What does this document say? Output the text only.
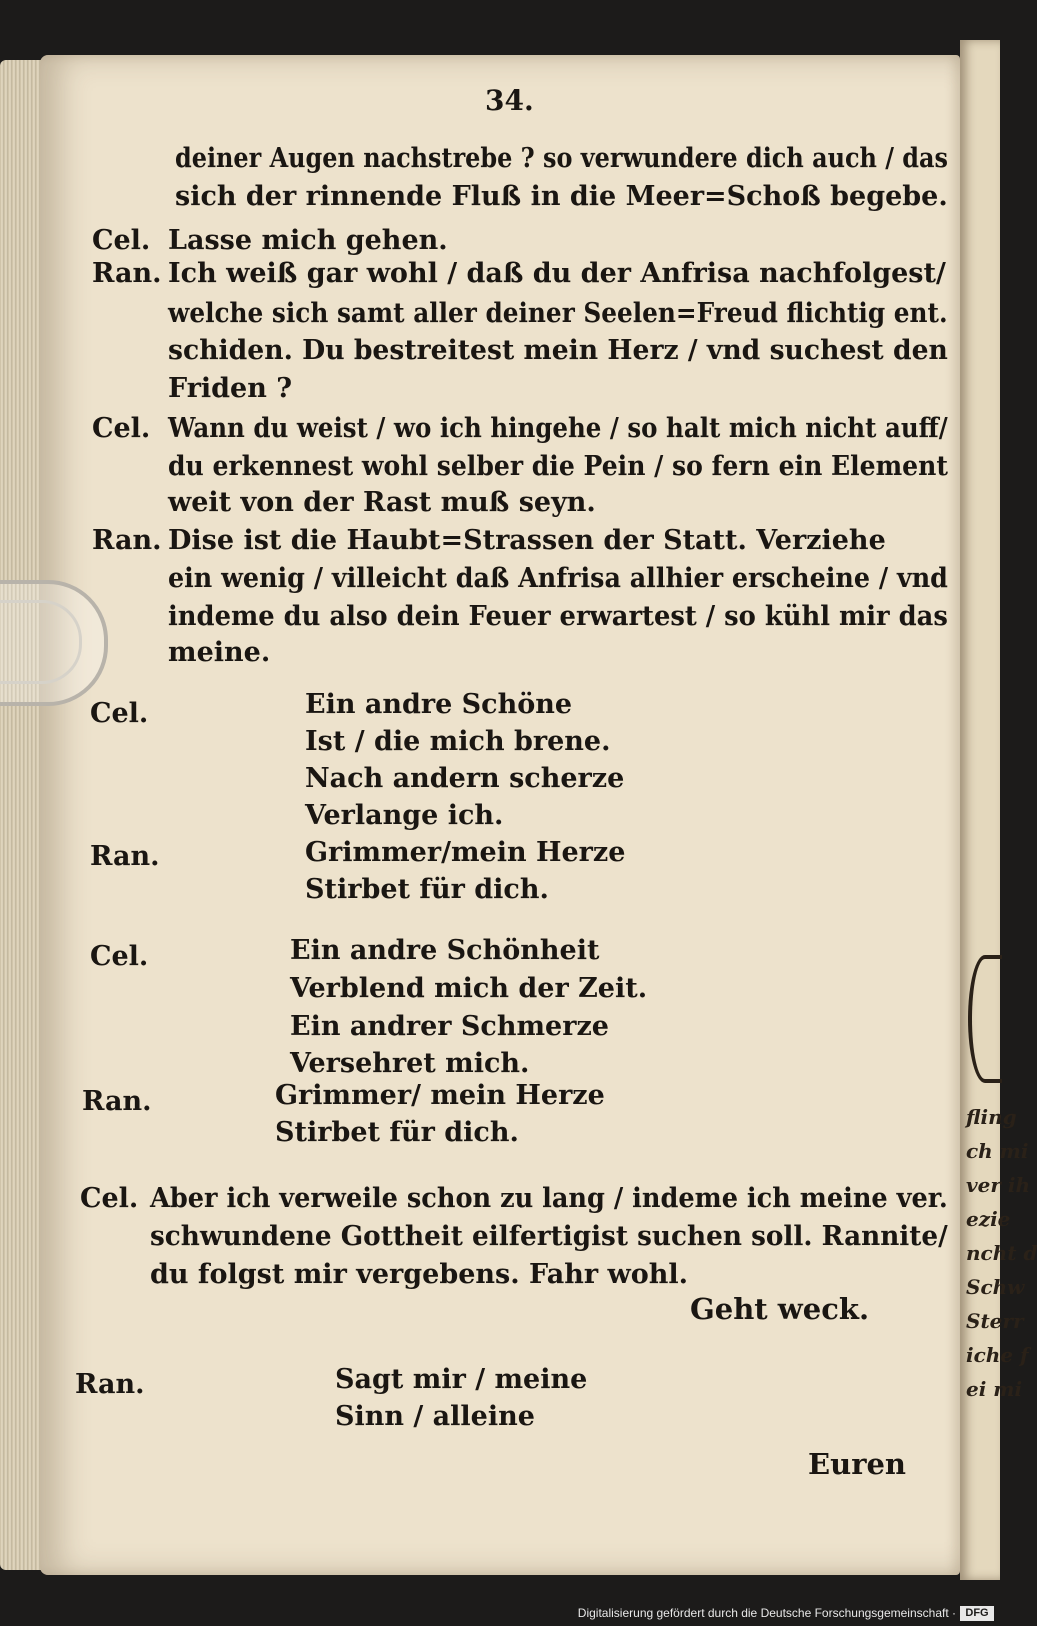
fling
ch mi
ver ih
ezie
ncht d
Schw
Sterr
iche f
ei mi
34.
deiner Augen nachstrebe ? so verwundere dich auch / das
sich der rinnende Fluß in die Meer=Schoß begebe.
Cel. Lasse mich gehen.
Ran. Ich weiß gar wohl / daß du der Anfrisa nachfolgest/
welche sich samt aller deiner Seelen=Freud flichtig ent.
schiden. Du bestreitest mein Herz / vnd suchest den
Friden ?
Cel. Wann du weist / wo ich hingehe / so halt mich nicht auff/
du erkennest wohl selber die Pein / so fern ein Element
weit von der Rast muß seyn.
Ran. Dise ist die Haubt=Strassen der Statt. Verziehe
ein wenig / villeicht daß Anfrisa allhier erscheine / vnd
indeme du also dein Feuer erwartest / so kühl mir das
meine.
Cel.	Ein andre Schöne
Ist / die mich brene.
Nach andern scherze
Verlange ich.
Ran.	Grimmer/mein Herze
Stirbet für dich.
Cel.	Ein andre Schönheit
Verblend mich der Zeit.
Ein andrer Schmerze
Versehret mich.
Ran.	Grimmer/ mein Herze
Stirbet für dich.
Cel. Aber ich verweile schon zu lang / indeme ich meine ver.
schwundene Gottheit eilfertigist suchen soll. Rannite/
du folgst mir vergebens. Fahr wohl.
Geht weck.
Ran.	Sagt mir / meine
Sinn / alleine
Euren
Digitalisierung gefördert durch die Deutsche Forschungsgemeinschaft · DFG
